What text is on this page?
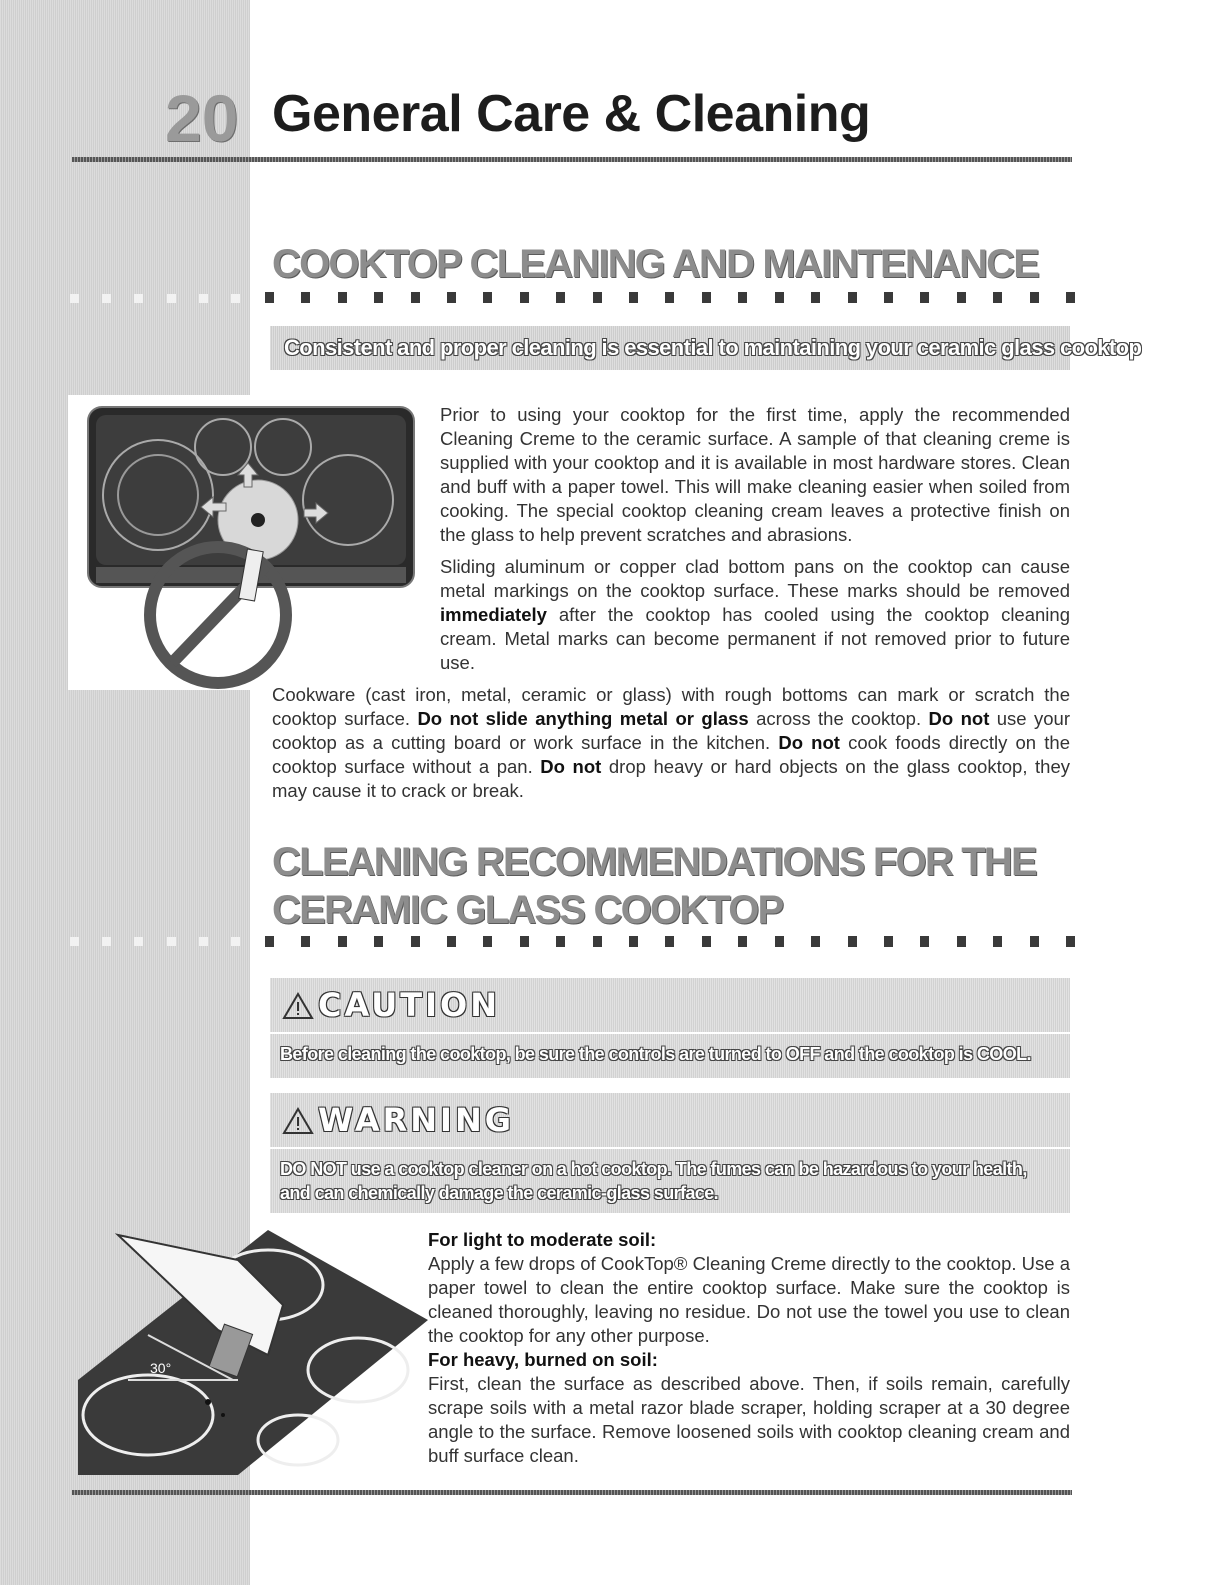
20 General Care & Cleaning
COOKTOP CLEANING AND MAINTENANCE
Consistent and proper cleaning is essential to maintaining your ceramic glass cooktop

Prior to using your cooktop for the first time, apply the recommended Cleaning Creme to the ceramic surface. A sample of that cleaning creme is supplied with your cooktop and it is available in most hardware stores. Clean and buff with a paper towel. This will make cleaning easier when soiled from cooking. The special cooktop cleaning cream leaves a protective finish on the glass to help prevent scratches and abrasions.

Sliding aluminum or copper clad bottom pans on the cooktop can cause metal markings on the cooktop surface. These marks should be removed immediately after the cooktop has cooled using the cooktop cleaning cream. Metal marks can become permanent if not removed prior to future use.

Cookware (cast iron, metal, ceramic or glass) with rough bottoms can mark or scratch the cooktop surface. Do not slide anything metal or glass across the cooktop. Do not use your cooktop as a cutting board or work surface in the kitchen. Do not cook foods directly on the cooktop surface without a pan. Do not drop heavy or hard objects on the glass cooktop, they may cause it to crack or break.

CLEANING RECOMMENDATIONS FOR THE CERAMIC GLASS COOKTOP
CAUTION
Before cleaning the cooktop, be sure the controls are turned to OFF and the cooktop is COOL.
WARNING
DO NOT use a cooktop cleaner on a hot cooktop. The fumes can be hazardous to your health, and can chemically damage the ceramic-glass surface.
30°
For light to moderate soil:
Apply a few drops of CookTop® Cleaning Creme directly to the cooktop. Use a paper towel to clean the entire cooktop surface. Make sure the cooktop is cleaned thoroughly, leaving no residue. Do not use the towel you use to clean the cooktop for any other purpose.
For heavy, burned on soil:
First, clean the surface as described above. Then, if soils remain, carefully scrape soils with a metal razor blade scraper, holding scraper at a 30 degree angle to the surface. Remove loosened soils with cooktop cleaning cream and buff surface clean.
